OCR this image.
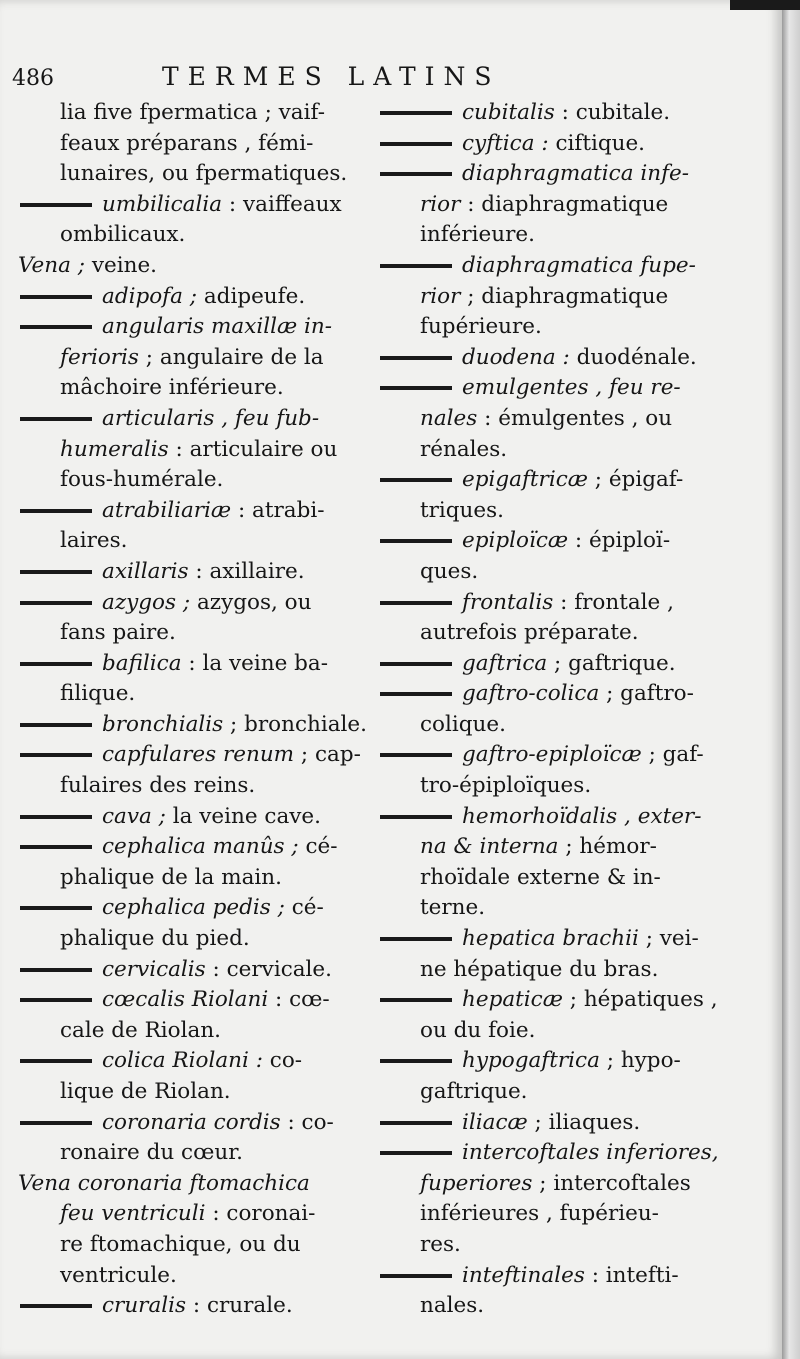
486	TERMES LATINS
lia five fpermatica ; vaif-
feaux préparans , fémi-
lunaires, ou fpermatiques.
umbilicalia : vaiffeaux
ombilicaux.
Vena ; veine.
adipofa ; adipeufe.
angularis maxillæ in-
ferioris ; angulaire de la
mâchoire inférieure.
articularis , feu fub-
humeralis : articulaire ou
fous-humérale.
atrabiliariæ : atrabi-
laires.
axillaris : axillaire.
azygos ; azygos, ou
fans paire.
bafilica : la veine ba-
filique.
bronchialis ; bronchiale.
capfulares renum ; cap-
fulaires des reins.
cava ; la veine cave.
cephalica manûs ; cé-
phalique de la main.
cephalica pedis ; cé-
phalique du pied.
cervicalis : cervicale.
cœcalis Riolani : cœ-
cale de Riolan.
colica Riolani : co-
lique de Riolan.
coronaria cordis : co-
ronaire du cœur.
Vena coronaria ftomachica
feu ventriculi : coronai-
re ftomachique, ou du
ventricule.
cruralis : crurale.
cubitalis : cubitale.
cyftica : ciftique.
diaphragmatica infe-
rior : diaphragmatique
inférieure.
diaphragmatica fupe-
rior ; diaphragmatique
fupérieure.
duodena : duodénale.
emulgentes , feu re-
nales : émulgentes , ou
rénales.
epigaftricæ ; épigaf-
triques.
epiploïcæ : épiploï-
ques.
frontalis : frontale ,
autrefois préparate.
gaftrica ; gaftrique.
gaftro-colica ; gaftro-
colique.
gaftro-epiploïcæ ; gaf-
tro-épiploïques.
hemorhoïdalis , exter-
na & interna ; hémor-
rhoïdale externe & in-
terne.
hepatica brachii ; vei-
ne hépatique du bras.
hepaticæ ; hépatiques ,
ou du foie.
hypogaftrica ; hypo-
gaftrique.
iliacæ ; iliaques.
intercoftales inferiores,
fuperiores ; intercoftales
inférieures , fupérieu-
res.
inteftinales : intefti-
nales.
